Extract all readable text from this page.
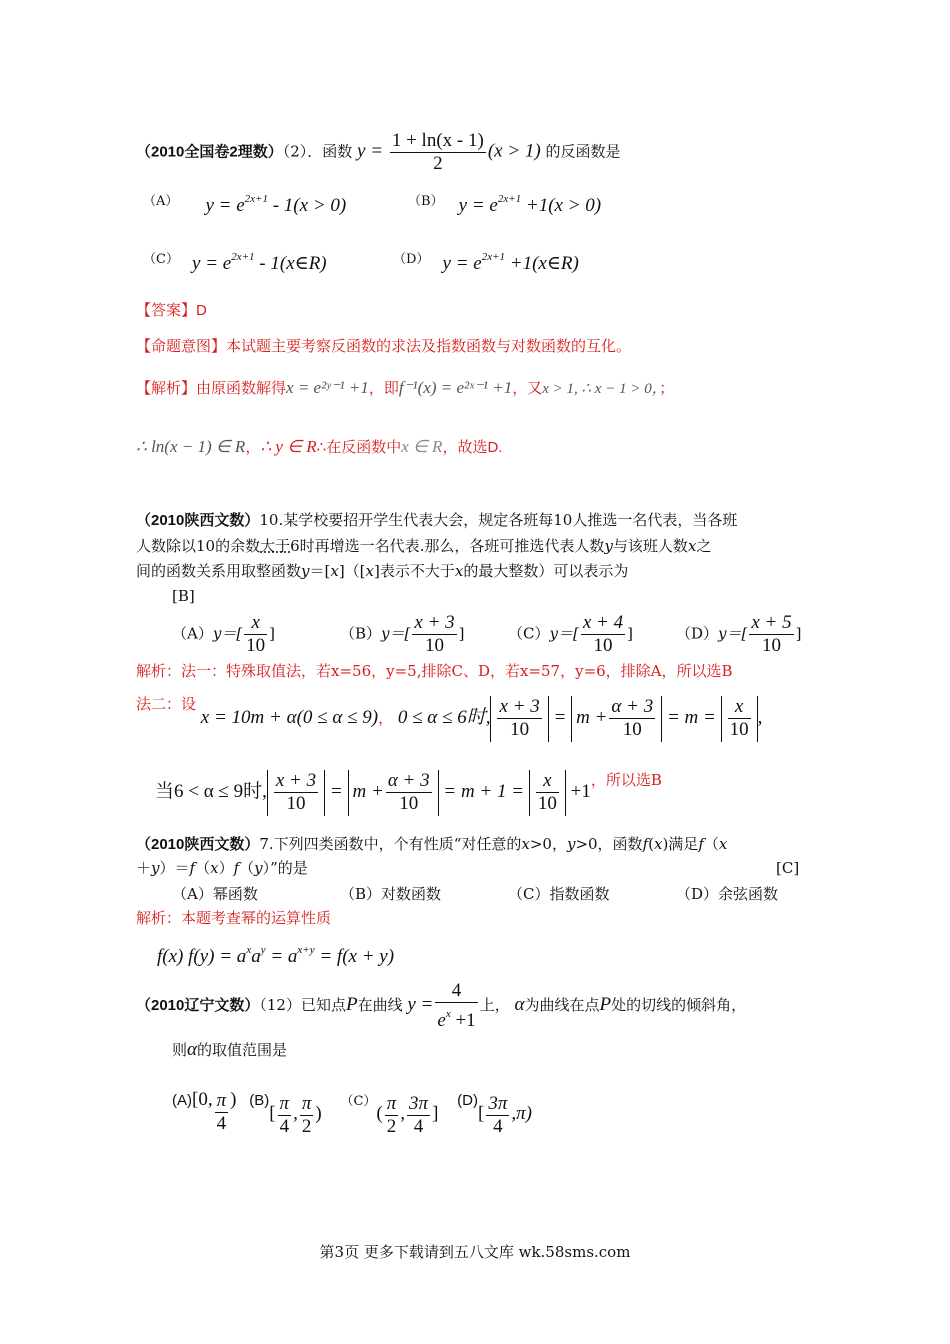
（2010全国卷2理数）（2）．函数 $y = \frac{1 + \ln(x - 1)}{2} (x > 1)$ 的反函数是
$^{(A)}$ $y = e^{2x+1} - 1(x > 0)$	$^{(B)}$ $y = e^{2x+1} +1(x > 0)$
$^{(C)}$ $y = e^{2x+1}$ - 1(x∈R)	$^{(D)}$ $y = e^{2x+1}$ +1(x∈R)
【答案】D
【命题意图】本试题主要考察反函数的求法及指数函数与对数函数的互化。
【解析】由原函数解得x = e²ʸ⁻¹ +1，即f⁻¹(x) = e²ˣ⁻¹ +1，又x > 1, ∴ x − 1 > 0，；
∴ ln(x − 1) ∈ R，∴ y ∈ R∴在反函数中x ∈ R，故选D.
（2010陕西文数）10.某学校要招开学生代表大会，规定各班每10人推选一名代表，当各班
人数除以10的余数大于6时再增选一名代表.那么，各班可推选代表人数y与该班人数x之
间的函数关系用取整函数y＝[x]（[x]表示不大于x的最大整数）可以表示为
[B]
$(A)y=[ \frac{x}{10}$ ]	$(B)y=[ \frac{x + 3}{10}$ ]	$(C)y=[ \frac{x + 4}{10}$ ]	$(D)y=[ \frac{x + 5}{10}$ ]
解析：法一：特殊取值法，若x=56，y=5,排除C、D，若x=57，y=6，排除A，所以选B
法二：设 x = 10m + α(0 ≤ α ≤ 9)， 0 ≤ α ≤ 6时, $\frac{x + 3}{10} = m + \frac{\alpha + 3}{10} = m = \frac{x}{10}$ ,
当6 < α ≤ 9时, $\frac{x + 3}{10} = m + \frac{\alpha + 3}{10} = m + 1 = \frac{x}{10} +1$，所以选B
（2010陕西文数）7.下列四类函数中，个有性质“对任意的x>0，y>0，函数f(x)满足f（x
＋y）＝f（x）f（y）”的是	[C]
（A）幂函数	（B）对数函数	（C）指数函数	（D）余弦函数
解析：本题考查幂的运算性质
f(x) $f(y) = a^xa^y = a^{x+y} = f(x + y)$
（2010辽宁文数）（12）已知点P在曲线 $y = \frac{4}{e^x +1}$ 上， α为曲线在点P处的切线的倾斜角，
则α的取值范围是
(A)[0, $\frac{\pi}{4}$ ) $(B)[ \frac{\pi}{4}$ , $\frac{\pi}{2}$ ) $(C)( \frac{\pi}{2}$ , $\frac{3\pi}{4}$ ] $(D)[ \frac{3\pi}{4} ,\pi)$
第3页 更多下载请到五八文库 wk.58sms.com
